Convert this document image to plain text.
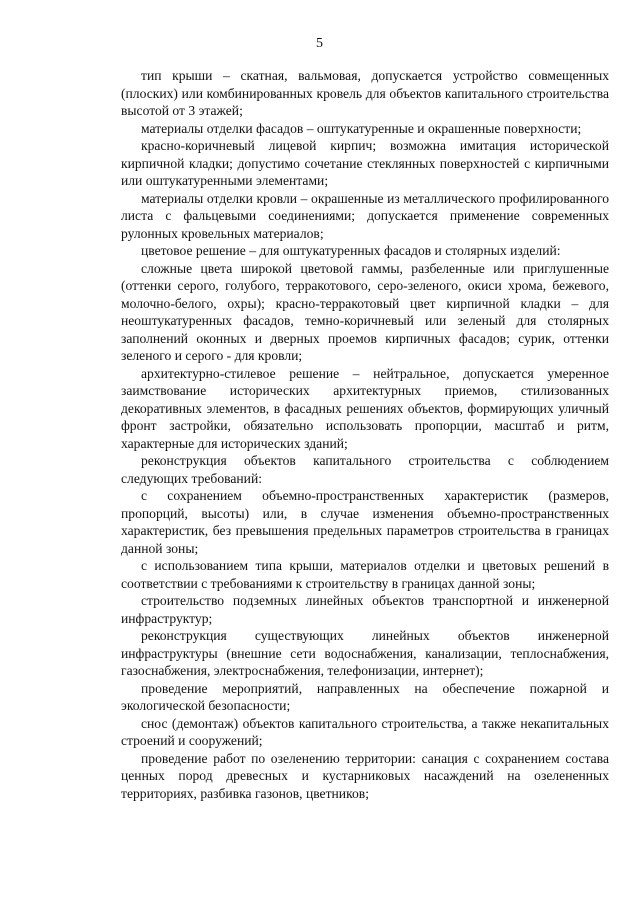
5

тип крыши – скатная, вальмовая, допускается устройство совмещенных (плоских) или комбинированных кровель для объектов капитального строительства высотой от 3 этажей;

материалы отделки фасадов – оштукатуренные и окрашенные поверхности;

красно-коричневый лицевой кирпич; возможна имитация исторической кирпичной кладки; допустимо сочетание стеклянных поверхностей с кирпичными или оштукатуренными элементами;

материалы отделки кровли – окрашенные из металлического профилированного листа с фальцевыми соединениями; допускается применение современных рулонных кровельных материалов;

цветовое решение – для оштукатуренных фасадов и столярных изделий:

сложные цвета широкой цветовой гаммы, разбеленные или приглушенные (оттенки серого, голубого, терракотового, серо-зеленого, окиси хрома, бежевого, молочно-белого, охры); красно-терракотовый цвет кирпичной кладки – для неоштукатуренных фасадов, темно-коричневый или зеленый для столярных заполнений оконных и дверных проемов кирпичных фасадов; сурик, оттенки зеленого и серого - для кровли;

архитектурно-стилевое решение – нейтральное, допускается умеренное заимствование исторических архитектурных приемов, стилизованных декоративных элементов, в фасадных решениях объектов, формирующих уличный фронт застройки, обязательно использовать пропорции, масштаб и ритм, характерные для исторических зданий;

реконструкция объектов капитального строительства с соблюдением следующих требований:

с сохранением объемно-пространственных характеристик (размеров, пропорций, высоты) или, в случае изменения объемно-пространственных характеристик, без превышения предельных параметров строительства в границах данной зоны;

с использованием типа крыши, материалов отделки и цветовых решений в соответствии с требованиями к строительству в границах данной зоны;

строительство подземных линейных объектов транспортной и инженерной инфраструктур;

реконструкция существующих линейных объектов инженерной инфраструктуры (внешние сети водоснабжения, канализации, теплоснабжения, газоснабжения, электроснабжения, телефонизации, интернет);

проведение мероприятий, направленных на обеспечение пожарной и экологической безопасности;

снос (демонтаж) объектов капитального строительства, а также некапитальных строений и сооружений;

проведение работ по озеленению территории: санация с сохранением состава ценных пород древесных и кустарниковых насаждений на озелененных территориях, разбивка газонов, цветников;
